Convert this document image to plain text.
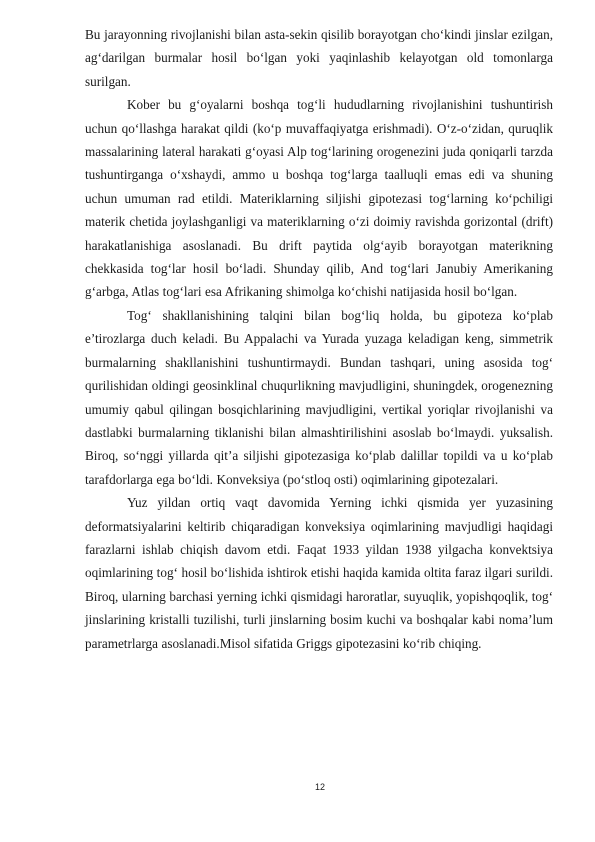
Bu jarayonning rivojlanishi bilan asta-sekin qisilib borayotgan cho‘kindi jinslar ezilgan, ag‘darilgan burmalar hosil bo‘lgan yoki yaqinlashib kelayotgan old tomonlarga surilgan.

Kober bu g‘oyalarni boshqa tog‘li hududlarning rivojlanishini tushuntirish uchun qo‘llashga harakat qildi (ko‘p muvaffaqiyatga erishmadi). O‘z-o‘zidan, quruqlik massalarining lateral harakati g‘oyasi Alp tog‘larining orogenezini juda qoniqarli tarzda tushuntirganga o‘xshaydi, ammo u boshqa tog‘larga taalluqli emas edi va shuning uchun umuman rad etildi. Materiklarning siljishi gipotezasi tog‘larning ko‘pchiligi materik chetida joylashganligi va materiklarning o‘zi doimiy ravishda gorizontal (drift) harakatlanishiga asoslanadi. Bu drift paytida olg‘ayib borayotgan materikning chekkasida tog‘lar hosil bo‘ladi. Shunday qilib, And tog‘lari Janubiy Amerikaning g‘arbga, Atlas tog‘lari esa Afrikaning shimolga ko‘chishi natijasida hosil bo‘lgan.

Tog‘ shakllanishining talqini bilan bog‘liq holda, bu gipoteza ko‘plab e’tirozlarga duch keladi. Bu Appalachi va Yurada yuzaga keladigan keng, simmetrik burmalarning shakllanishini tushuntirmaydi. Bundan tashqari, uning asosida tog‘ qurilishidan oldingi geosinklinal chuqurlikning mavjudligini, shuningdek, orogenezning umumiy qabul qilingan bosqichlarining mavjudligini, vertikal yoriqlar rivojlanishi va dastlabki burmalarning tiklanishi bilan almashtirilishini asoslab bo‘lmaydi. yuksalish. Biroq, so‘nggi yillarda qit’a siljishi gipotezasiga ko‘plab dalillar topildi va u ko‘plab tarafdorlarga ega bo‘ldi. Konveksiya (po‘stloq osti) oqimlarining gipotezalari.

Yuz yildan ortiq vaqt davomida Yerning ichki qismida yer yuzasining deformatsiyalarini keltirib chiqaradigan konveksiya oqimlarining mavjudligi haqidagi farazlarni ishlab chiqish davom etdi. Faqat 1933 yildan 1938 yilgacha konvektsiya oqimlarining tog‘ hosil bo‘lishida ishtirok etishi haqida kamida oltita faraz ilgari surildi. Biroq, ularning barchasi yerning ichki qismidagi haroratlar, suyuqlik, yopishqoqlik, tog‘ jinslarining kristalli tuzilishi, turli jinslarning bosim kuchi va boshqalar kabi noma’lum parametrlarga asoslanadi.Misol sifatida Griggs gipotezasini ko‘rib chiqing.

12
